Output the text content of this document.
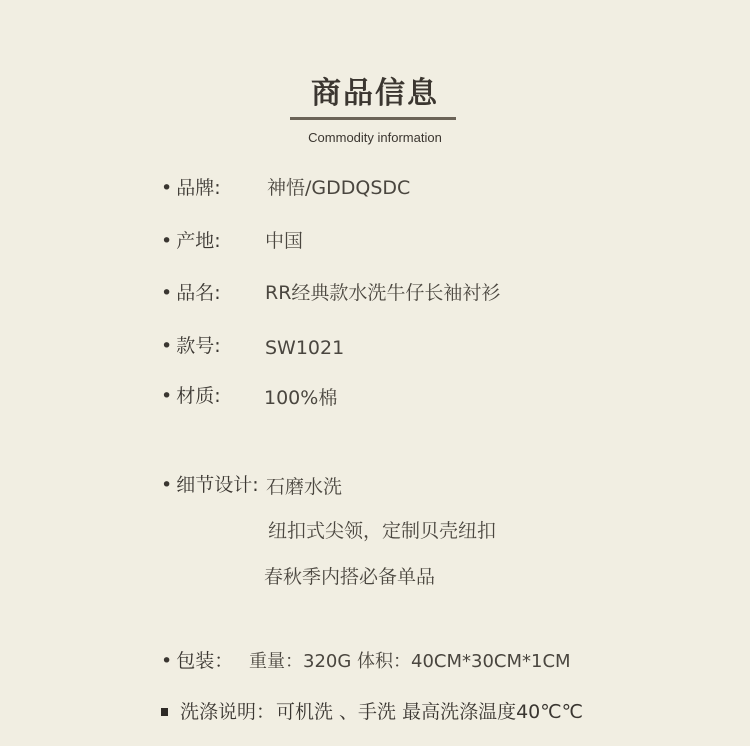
商品信息
Commodity information
• 品牌: 神悟/GDDQSDC
• 产地: 中国
• 品名: RR经典款水洗牛仔长袖衬衫
• 款号: SW1021
• 材质: 100%棉
• 细节设计: 石磨水洗
纽扣式尖领，定制贝壳纽扣
春秋季内搭必备单品
• 包装： 重量：320G 体积：40CM*30CM*1CM
洗涤说明： 可机洗 、手洗 最高洗涤温度40℃℃
